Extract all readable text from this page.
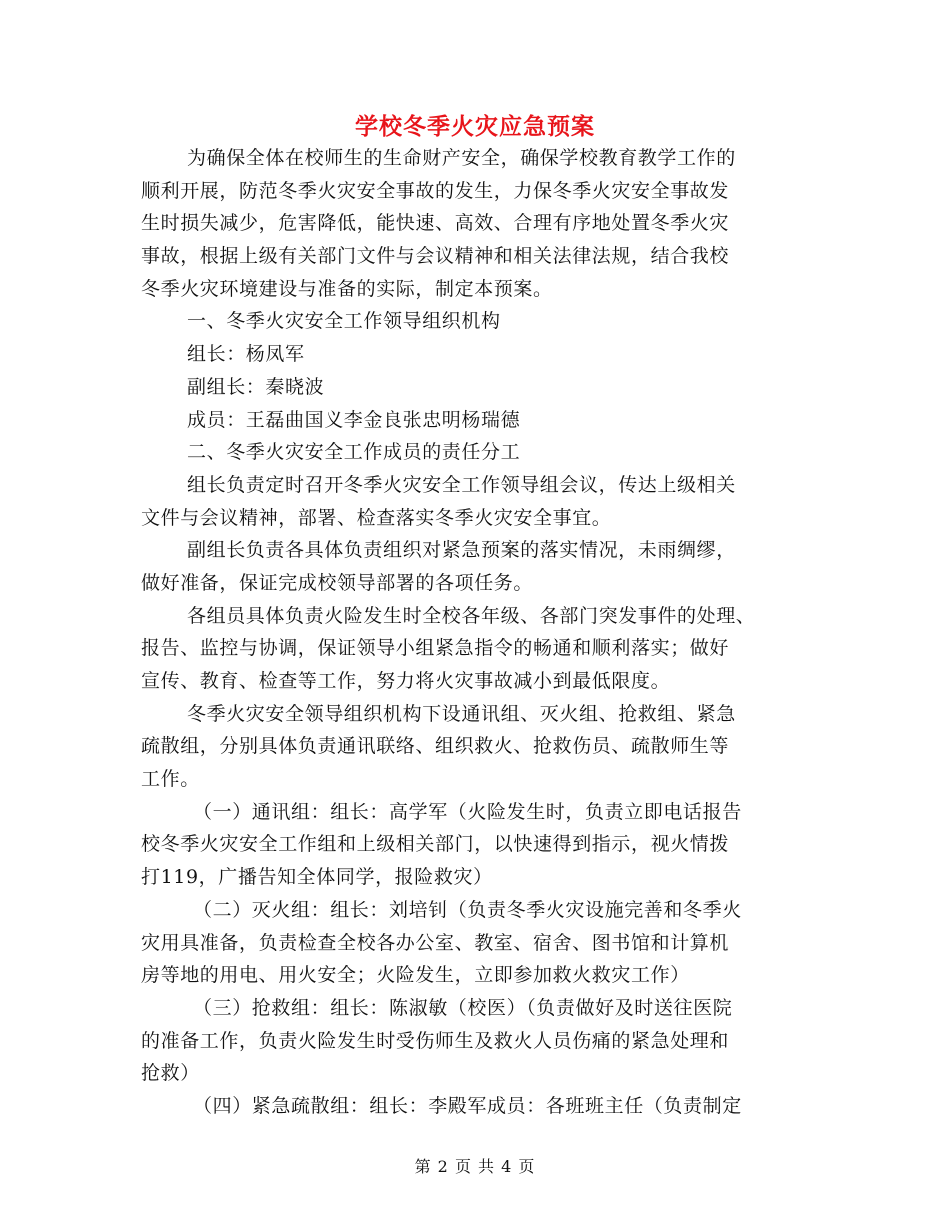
学校冬季火灾应急预案
为确保全体在校师生的生命财产安全，确保学校教育教学工作的
顺利开展，防范冬季火灾安全事故的发生，力保冬季火灾安全事故发
生时损失减少，危害降低，能快速、高效、合理有序地处置冬季火灾
事故，根据上级有关部门文件与会议精神和相关法律法规，结合我校
冬季火灾环境建设与准备的实际，制定本预案。
一、冬季火灾安全工作领导组织机构
组长：杨凤军
副组长：秦晓波
成员：王磊曲国义李金良张忠明杨瑞德
二、冬季火灾安全工作成员的责任分工
组长负责定时召开冬季火灾安全工作领导组会议，传达上级相关
文件与会议精神，部署、检查落实冬季火灾安全事宜。
副组长负责各具体负责组织对紧急预案的落实情况，未雨绸缪，
做好准备，保证完成校领导部署的各项任务。
各组员具体负责火险发生时全校各年级、各部门突发事件的处理、
报告、监控与协调，保证领导小组紧急指令的畅通和顺利落实；做好
宣传、教育、检查等工作，努力将火灾事故减小到最低限度。
冬季火灾安全领导组织机构下设通讯组、灭火组、抢救组、紧急
疏散组，分别具体负责通讯联络、组织救火、抢救伤员、疏散师生等
工作。
（一）通讯组：组长：高学军（火险发生时，负责立即电话报告
校冬季火灾安全工作组和上级相关部门，以快速得到指示，视火情拨
打119，广播告知全体同学，报险救灾）
（二）灭火组：组长：刘培钊（负责冬季火灾设施完善和冬季火
灾用具准备，负责检查全校各办公室、教室、宿舍、图书馆和计算机
房等地的用电、用火安全；火险发生，立即参加救火救灾工作）
（三）抢救组：组长：陈淑敏（校医）（负责做好及时送往医院
的准备工作，负责火险发生时受伤师生及救火人员伤痛的紧急处理和
抢救）
（四）紧急疏散组：组长：李殿军成员：各班班主任（负责制定
第 2 页 共 4 页
